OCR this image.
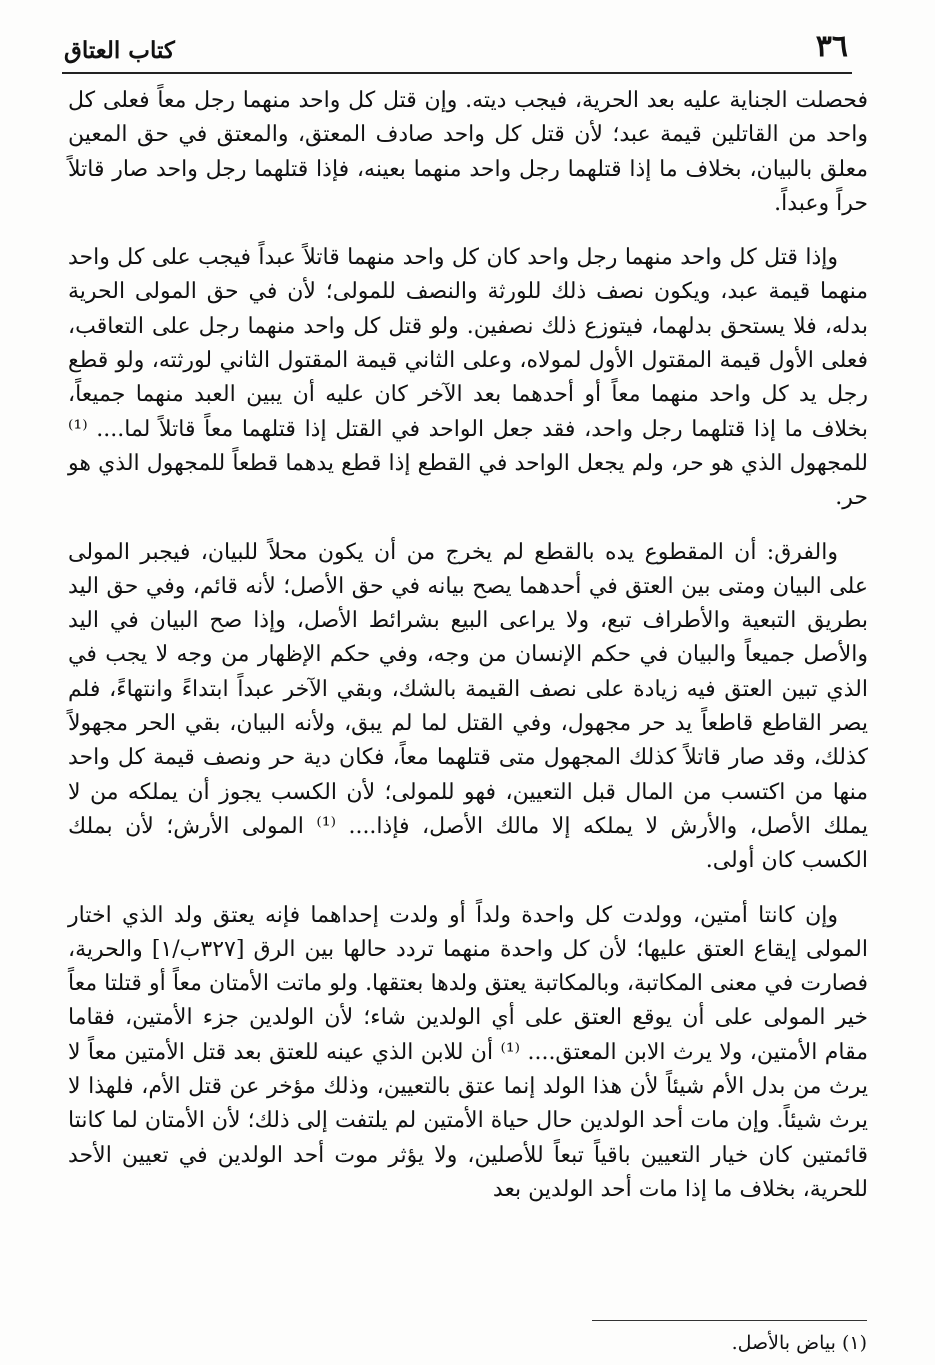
٣٦
كتاب العتاق

فحصلت الجناية عليه بعد الحرية، فيجب ديته. وإن قتل كل واحد منهما رجل معاً فعلى كل واحد من القاتلين قيمة عبد؛ لأن قتل كل واحد صادف المعتق، والمعتق في حق المعين معلق بالبيان، بخلاف ما إذا قتلهما رجل واحد منهما بعينه، فإذا قتلهما رجل واحد صار قاتلاً حراً وعبداً.

وإذا قتل كل واحد منهما رجل واحد كان كل واحد منهما قاتلاً عبداً فيجب على كل واحد منهما قيمة عبد، ويكون نصف ذلك للورثة والنصف للمولى؛ لأن في حق المولى الحرية بدله، فلا يستحق بدلهما، فيتوزع ذلك نصفين. ولو قتل كل واحد منهما رجل على التعاقب، فعلى الأول قيمة المقتول الأول لمولاه، وعلى الثاني قيمة المقتول الثاني لورثته، ولو قطع رجل يد كل واحد منهما معاً أو أحدهما بعد الآخر كان عليه أن يبين العبد منهما جميعاً، بخلاف ما إذا قتلهما رجل واحد، فقد جعل الواحد في القتل إذا قتلهما معاً قاتلاً لما.... ⁽¹⁾ للمجهول الذي هو حر، ولم يجعل الواحد في القطع إذا قطع يدهما قطعاً للمجهول الذي هو حر.

والفرق: أن المقطوع يده بالقطع لم يخرج من أن يكون محلاً للبيان، فيجبر المولى على البيان ومتى بين العتق في أحدهما يصح بيانه في حق الأصل؛ لأنه قائم، وفي حق اليد بطريق التبعية والأطراف تبع، ولا يراعى البيع بشرائط الأصل، وإذا صح البيان في اليد والأصل جميعاً والبيان في حكم الإنسان من وجه، وفي حكم الإظهار من وجه لا يجب في الذي تبين العتق فيه زيادة على نصف القيمة بالشك، وبقي الآخر عبداً ابتداءً وانتهاءً، فلم يصر القاطع قاطعاً يد حر مجهول، وفي القتل لما لم يبق، ولأنه البيان، بقي الحر مجهولاً كذلك، وقد صار قاتلاً كذلك المجهول متى قتلهما معاً، فكان دية حر ونصف قيمة كل واحد منها من اكتسب من المال قبل التعيين، فهو للمولى؛ لأن الكسب يجوز أن يملكه من لا يملك الأصل، والأرش لا يملكه إلا مالك الأصل، فإذا.... ⁽¹⁾ المولى الأرش؛ لأن بملك الكسب كان أولى.

وإن كانتا أمتين، وولدت كل واحدة ولداً أو ولدت إحداهما فإنه يعتق ولد الذي اختار المولى إيقاع العتق عليها؛ لأن كل واحدة منهما تردد حالها بين الرق [٣٢٧ب/١] والحرية، فصارت في معنى المكاتبة، وبالمكاتبة يعتق ولدها بعتقها. ولو ماتت الأمتان معاً أو قتلتا معاً خير المولى على أن يوقع العتق على أي الولدين شاء؛ لأن الولدين جزء الأمتين، فقاما مقام الأمتين، ولا يرث الابن المعتق.... ⁽¹⁾ أن للابن الذي عينه للعتق بعد قتل الأمتين معاً لا يرث من بدل الأم شيئاً لأن هذا الولد إنما عتق بالتعيين، وذلك مؤخر عن قتل الأم، فلهذا لا يرث شيئاً. وإن مات أحد الولدين حال حياة الأمتين لم يلتفت إلى ذلك؛ لأن الأمتان لما كانتا قائمتين كان خيار التعيين باقياً تبعاً للأصلين، ولا يؤثر موت أحد الولدين في تعيين الأحد للحرية، بخلاف ما إذا مات أحد الولدين بعد

(١) بياض بالأصل.
